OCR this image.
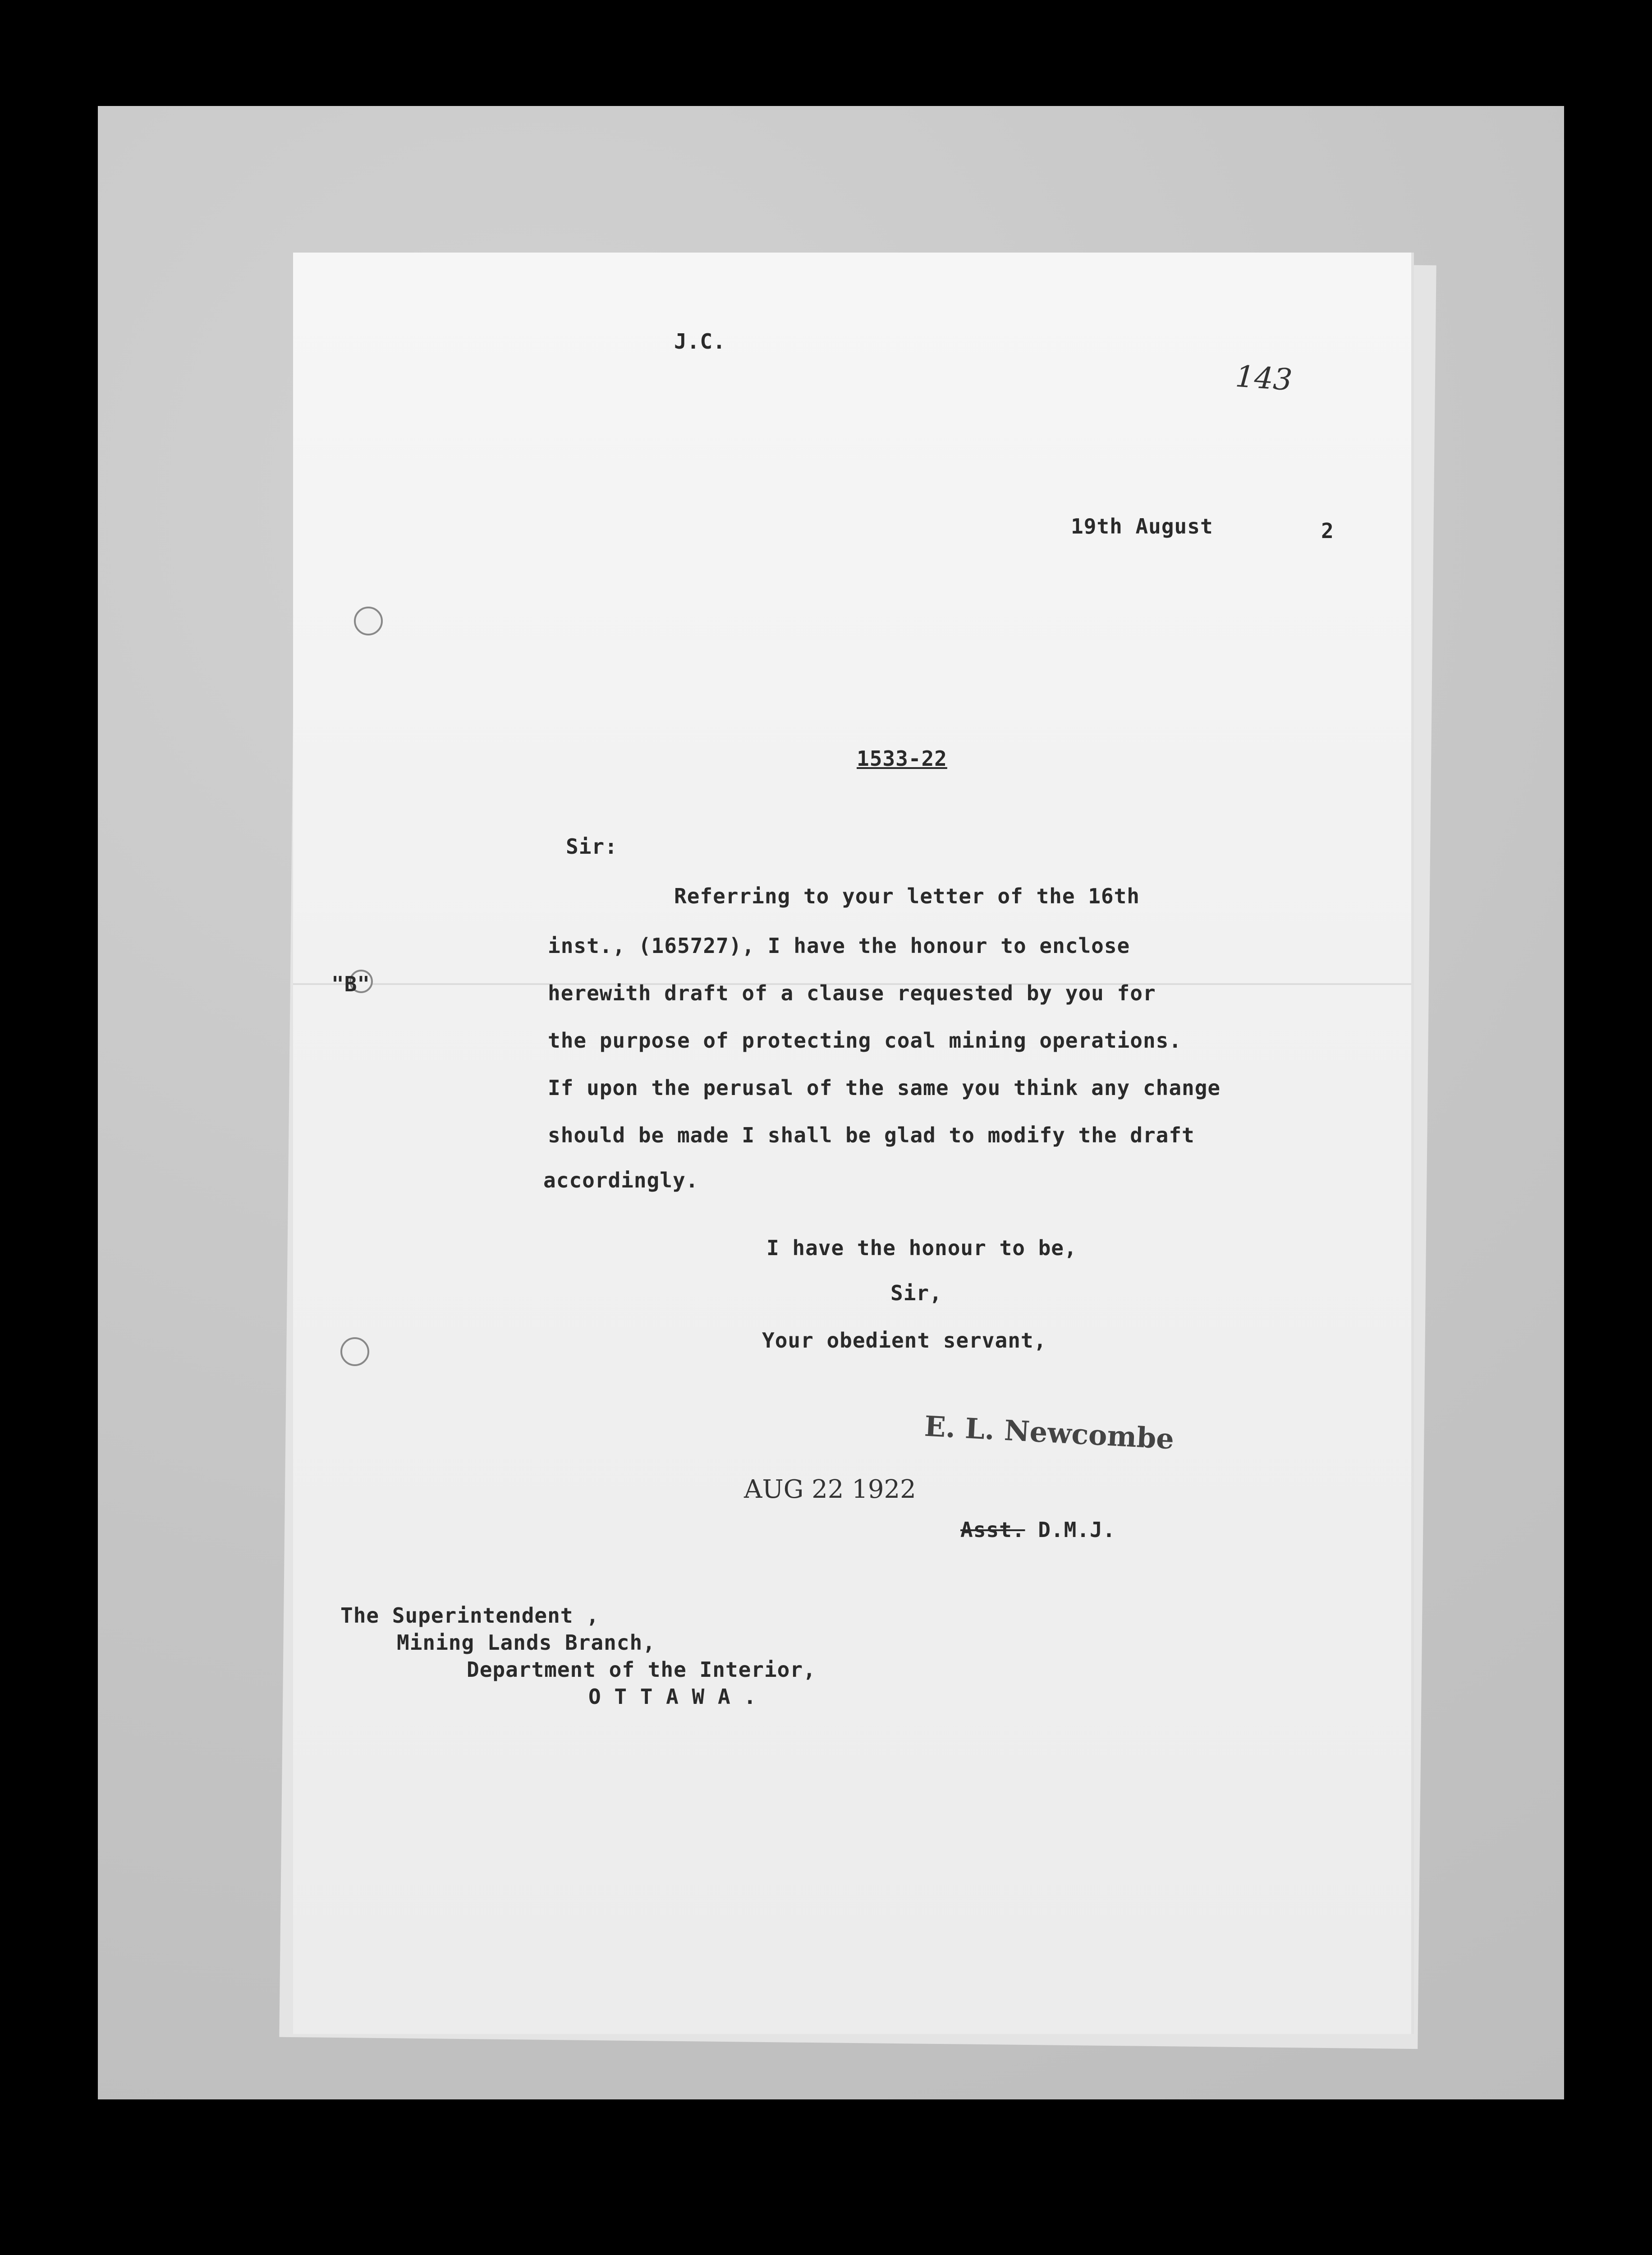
J.C.
143
19th August	2
1533-22
Sir:
Referring to your letter of the 16th
inst., (165727), I have the honour to enclose
herewith draft of a clause requested by you for
the purpose of protecting coal mining operations.
If upon the perusal of the same you think any change
should be made I shall be glad to modify the draft
accordingly.
"B"
I have the honour to be,
Sir,
Your obedient servant,
E. L. Newcombe
AUG 22 1922
Asst. D.M.J.
The Superintendent ,
Mining Lands Branch,
Department of the Interior,
O T T A W A .
